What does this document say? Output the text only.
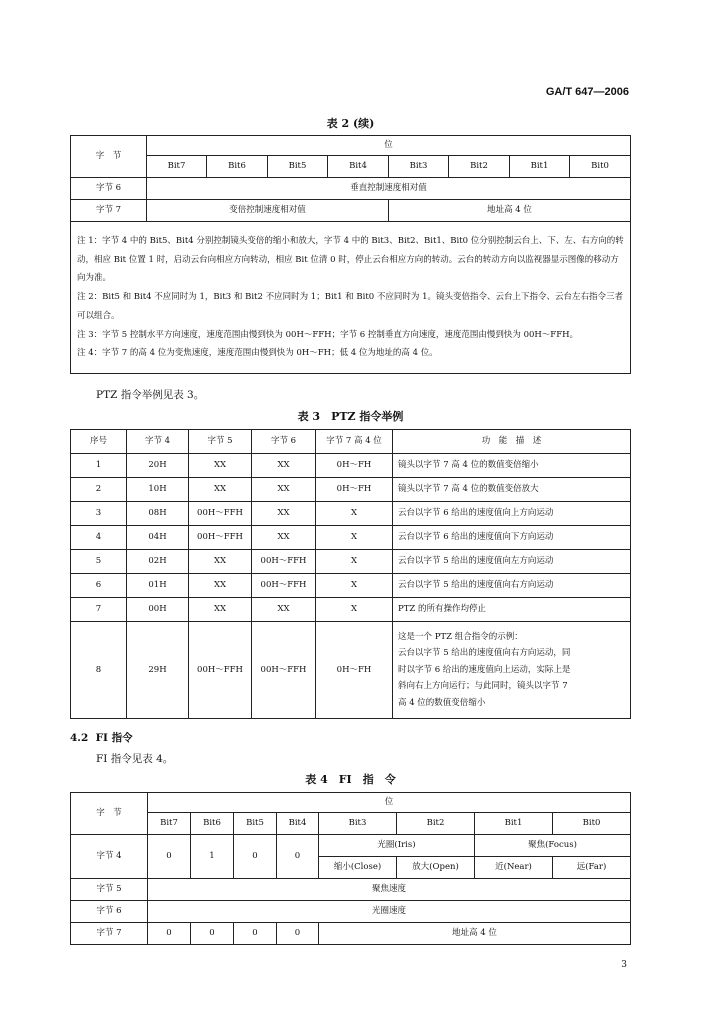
GA/T 647—2006
表 2 (续)
字　节	位							
	Bit7	Bit6	Bit5	Bit4	Bit3	Bit2	Bit1	Bit0
字节 6	垂直控制速度相对值							
字节 7	变倍控制速度相对值				地址高 4 位			

注 1：字节 4 中的 Bit5、Bit4 分别控制镜头变倍的缩小和放大，字节 4 中的 Bit3、Bit2、Bit1、Bit0 位分别控制云台上、下、左、右方向的转动，相应 Bit 位置 1 时，启动云台向相应方向转动，相应 Bit 位清 0 时，停止云台相应方向的转动。云台的转动方向以监视器显示图像的移动方向为准。

注 2：Bit5 和 Bit4 不应同时为 1，Bit3 和 Bit2 不应同时为 1；Bit1 和 Bit0 不应同时为 1。镜头变倍指令、云台上下指令、云台左右指令三者可以组合。

注 3：字节 5 控制水平方向速度，速度范围由慢到快为 00H～FFH；字节 6 控制垂直方向速度，速度范围由慢到快为 00H～FFH。

注 4：字节 7 的高 4 位为变焦速度，速度范围由慢到快为 0H～FH；低 4 位为地址的高 4 位。								

PTZ 指令举例见表 3。
表 3　PTZ 指令举例
序号	字节 4	字节 5	字节 6	字节 7 高 4 位	功　能　描　述
1	20H	XX	XX	0H～FH	镜头以字节 7 高 4 位的数值变倍缩小
2	10H	XX	XX	0H～FH	镜头以字节 7 高 4 位的数值变倍放大
3	08H	00H～FFH	XX	X	云台以字节 6 给出的速度值向上方向运动
4	04H	00H～FFH	XX	X	云台以字节 6 给出的速度值向下方向运动
5	02H	XX	00H～FFH	X	云台以字节 5 给出的速度值向左方向运动
6	01H	XX	00H～FFH	X	云台以字节 5 给出的速度值向右方向运动
7	00H	XX	XX	X	PTZ 的所有操作均停止
8	29H	00H～FFH	00H～FFH	0H～FH	这是一个 PTZ 组合指令的示例：
云台以字节 5 给出的速度值向右方向运动，同
时以字节 6 给出的速度值向上运动，实际上是
斜向右上方向运行；与此同时，镜头以字节 7
高 4 位的数值变倍缩小
4.2 FI 指令
FI 指令见表 4。
表 4　FI　指　令
字　节	位							
	Bit7	Bit6	Bit5	Bit4	Bit3	Bit2	Bit1	Bit0
字节 4	0	1	0	0	光圈(Iris)		聚焦(Focus)	
					缩小(Close)	放大(Open)	近(Near)	远(Far)
字节 5	聚焦速度							
字节 6	光圈速度							
字节 7	0	0	0	0	地址高 4 位			
3
